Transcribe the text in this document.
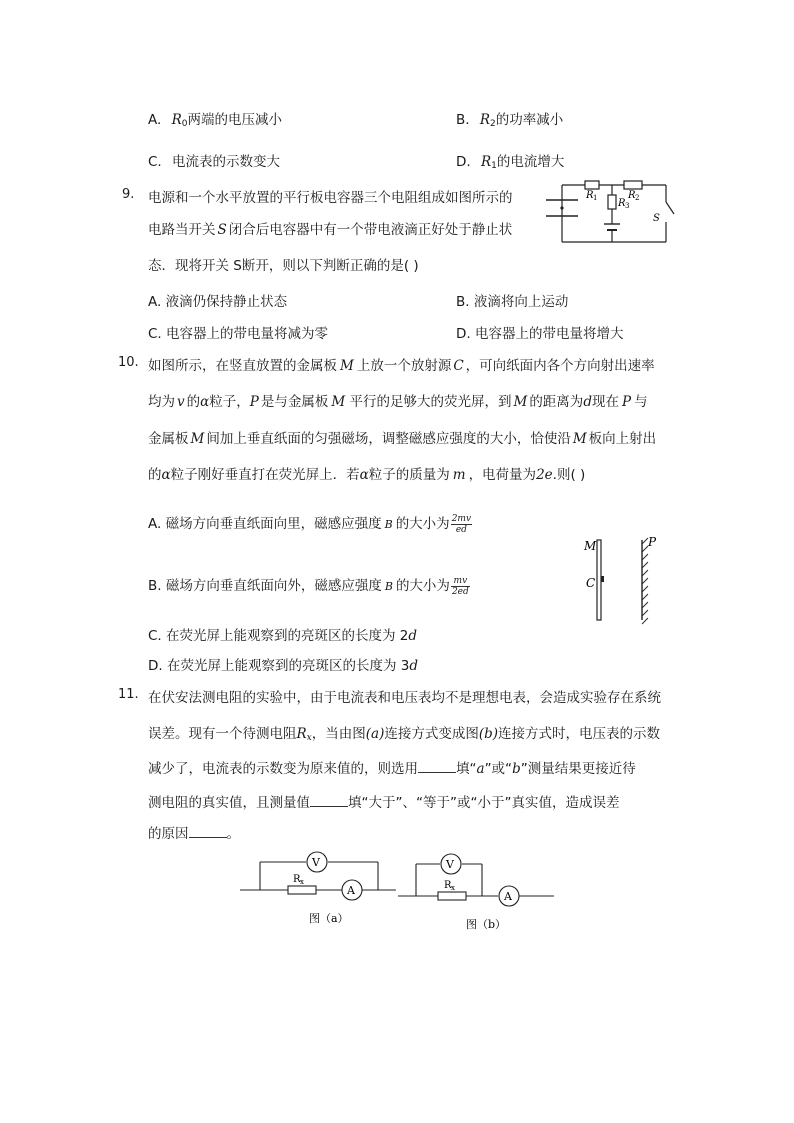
A. $R_0$两端的电压减小	B. $R_2$的功率减小
C. 电流表的示数变大	D. $R_1$的电流增大
9. 电源和一个水平放置的平行板电容器三个电阻组成如图所示的
电路当开关 S 闭合后电容器中有一个带电液滴正好处于静止状
态．现将开关 S断开，则以下判断正确的是( )
A. 液滴仍保持静止状态	B. 液滴将向上运动
C. 电容器上的带电量将减为零	D. 电容器上的带电量将增大
R 1 R 3
R 2
S
10. 如图所示，在竖直放置的金属板 M 上放一个放射源 C ，可向纸面内各个方向射出速率
均为 v 的α粒子，P 是与金属板 M 平行的足够大的荧光屏，到 M 的距离为d现在 P 与
金属板 M 间加上垂直纸面的匀强磁场，调整磁感应强度的大小，恰使沿 M 板向上射出
的α粒子刚好垂直打在荧光屏上．若α粒子的质量为 m ，电荷量为2e.则( )
A. 磁场方向垂直纸面向里，磁感应强度 B 的大小为 $\frac{2mv}{ed}$
B. 磁场方向垂直纸面向外，磁感应强度 B 的大小为 $\frac{mv}{2ed}$
C. 在荧光屏上能观察到的亮斑区的长度为 2d
D. 在荧光屏上能观察到的亮斑区的长度为 3d
M	P
C
11. 在伏安法测电阻的实验中，由于电流表和电压表均不是理想电表，会造成实验存在系统
误差。现有一个待测电阻$R_x$，当由图(a)连接方式变成图(b)连接方式时，电压表的示数
减少了，电流表的示数变为原来值的，则选用	填“a”或“b”测量结果更接近待
测电阻的真实值，且测量值	填“大于”、“等于”或“小于”真实值，造成误差
的原因	。
V
A
R x
图（a）
V
A
R x
图（b）
